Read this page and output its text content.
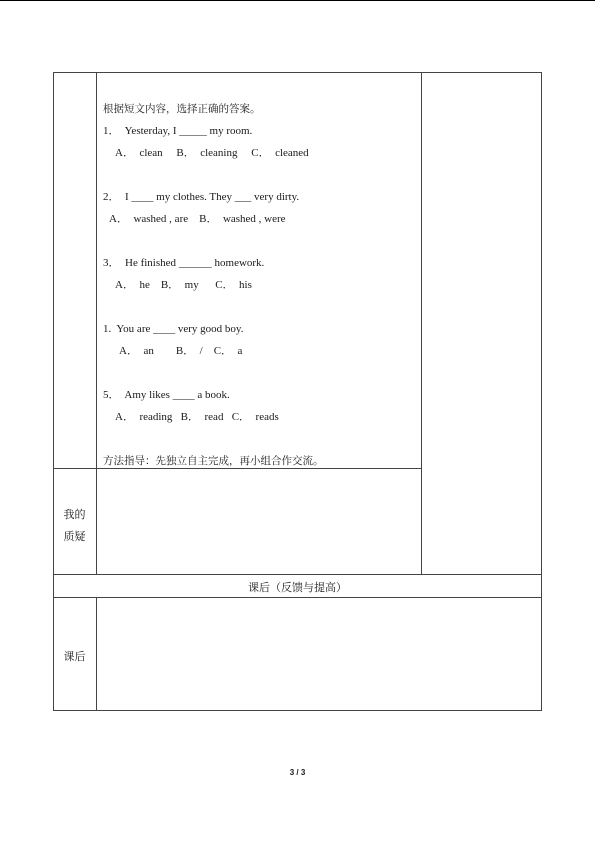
根据短文内容，选择正确的答案。
1．  Yesterday, I _____ my room.
A．  clean     B．  cleaning     C．  cleaned
2．  I ____ my clothes. They ___ very dirty.
A．  washed , are    B．  washed , were
3．  He finished ______ homework.
A．  he    B．  my      C．  his
1.  You are ____ very good boy.
A．  an        B．  /    C．  a
5．  Amy likes ____ a book.
A．  reading   B．  read   C．  reads
方法指导：先独立自主完成，再小组合作交流。
我的
质疑
课后（反馈与提高）
课后
3 / 3
